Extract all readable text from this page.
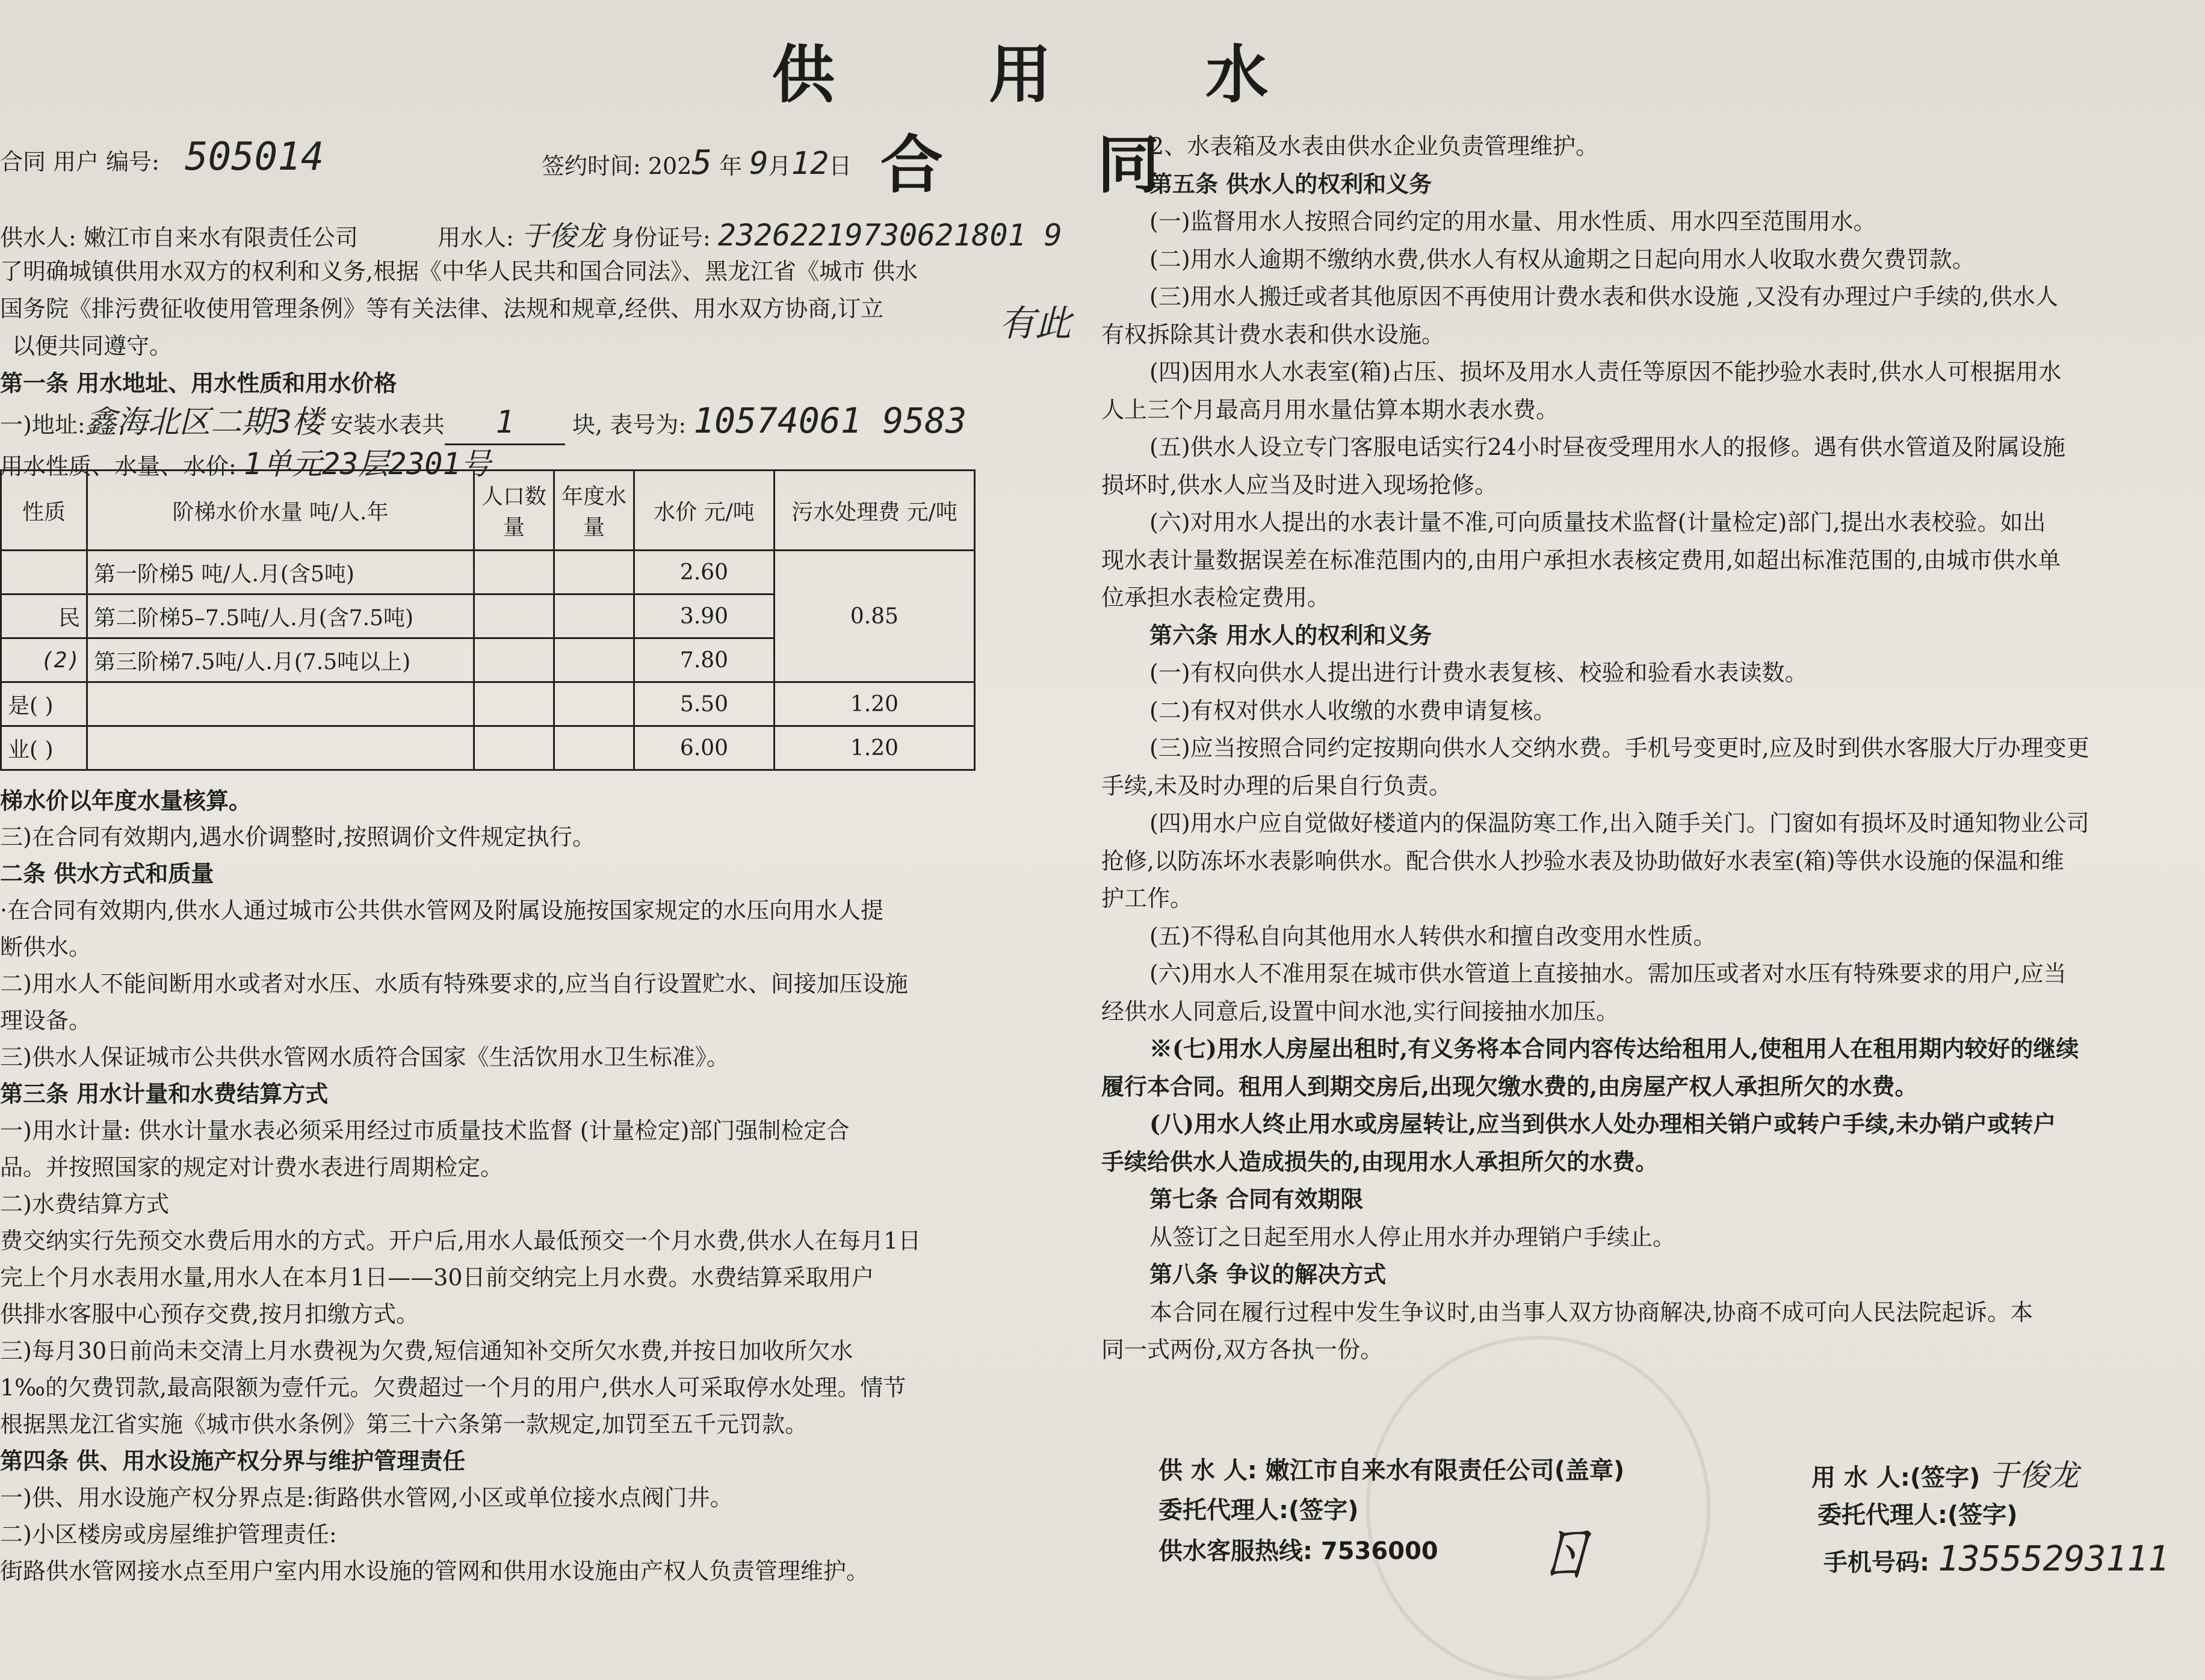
供 用 水 合 同
合同 用户 编号: 505014	签约时间: 2025 年 9月12日
供水人: 嫩江市自来水有限责任公司	用水人: 于俊龙 身份证号: 23262219730621801 9
有此

了明确城镇供用水双方的权利和义务,根据《中华人民共和国合同法》、黑龙江省《城市 供水

国务院《排污费征收使用管理条例》等有关法律、法规和规章,经供、用水双方协商,订立

以便共同遵守。

第一条 用水地址、用水性质和用水价格

一)地址:鑫海北区二期3楼 安装水表共 1	块, 表号为: 10574061 9583

用水性质、水量、水价: 1单元23层2301号

性质	阶梯水价水量 吨/人.年	人口数量	年度水量	水价 元/吨	污水处理费 元/吨
	第一阶梯5 吨/人.月(含5吨)			2.60	0.85
民	第二阶梯5–7.5吨/人.月(含7.5吨)			3.90	
(2)	第三阶梯7.5吨/人.月(7.5吨以上)			7.80	
是( )				5.50	1.20
业( )				6.00	1.20

梯水价以年度水量核算。

三)在合同有效期内,遇水价调整时,按照调价文件规定执行。

二条 供水方式和质量

·在合同有效期内,供水人通过城市公共供水管网及附属设施按国家规定的水压向用水人提

断供水。

二)用水人不能间断用水或者对水压、水质有特殊要求的,应当自行设置贮水、间接加压设施

理设备。

三)供水人保证城市公共供水管网水质符合国家《生活饮用水卫生标准》。

第三条 用水计量和水费结算方式

一)用水计量: 供水计量水表必须采用经过市质量技术监督 (计量检定)部门强制检定合

品。并按照国家的规定对计费水表进行周期检定。

二)水费结算方式

费交纳实行先预交水费后用水的方式。开户后,用水人最低预交一个月水费,供水人在每月1日

完上个月水表用水量,用水人在本月1日——30日前交纳完上月水费。水费结算采取用户

供排水客服中心预存交费,按月扣缴方式。

三)每月30日前尚未交清上月水费视为欠费,短信通知补交所欠水费,并按日加收所欠水

1‰的欠费罚款,最高限额为壹仟元。欠费超过一个月的用户,供水人可采取停水处理。情节

根据黑龙江省实施《城市供水条例》第三十六条第一款规定,加罚至五千元罚款。

第四条 供、用水设施产权分界与维护管理责任

一)供、用水设施产权分界点是:街路供水管网,小区或单位接水点阀门井。

二)小区楼房或房屋维护管理责任:

街路供水管网接水点至用户室内用水设施的管网和供用水设施由产权人负责管理维护。

2、水表箱及水表由供水企业负责管理维护。

第五条 供水人的权利和义务

(一)监督用水人按照合同约定的用水量、用水性质、用水四至范围用水。

(二)用水人逾期不缴纳水费,供水人有权从逾期之日起向用水人收取水费欠费罚款。

(三)用水人搬迁或者其他原因不再使用计费水表和供水设施 ,又没有办理过户手续的,供水人

有权拆除其计费水表和供水设施。

(四)因用水人水表室(箱)占压、损坏及用水人责任等原因不能抄验水表时,供水人可根据用水

人上三个月最高月用水量估算本期水表水费。

(五)供水人设立专门客服电话实行24小时昼夜受理用水人的报修。遇有供水管道及附属设施

损坏时,供水人应当及时进入现场抢修。

(六)对用水人提出的水表计量不准,可向质量技术监督(计量检定)部门,提出水表校验。如出

现水表计量数据误差在标准范围内的,由用户承担水表核定费用,如超出标准范围的,由城市供水单

位承担水表检定费用。

第六条 用水人的权利和义务

(一)有权向供水人提出进行计费水表复核、校验和验看水表读数。

(二)有权对供水人收缴的水费申请复核。

(三)应当按照合同约定按期向供水人交纳水费。手机号变更时,应及时到供水客服大厅办理变更

手续,未及时办理的后果自行负责。

(四)用水户应自觉做好楼道内的保温防寒工作,出入随手关门。门窗如有损坏及时通知物业公司

抢修,以防冻坏水表影响供水。配合供水人抄验水表及协助做好水表室(箱)等供水设施的保温和维

护工作。

(五)不得私自向其他用水人转供水和擅自改变用水性质。

(六)用水人不准用泵在城市供水管道上直接抽水。需加压或者对水压有特殊要求的用户,应当

经供水人同意后,设置中间水池,实行间接抽水加压。

※(七)用水人房屋出租时,有义务将本合同内容传达给租用人,使租用人在租用期内较好的继续

履行本合同。租用人到期交房后,出现欠缴水费的,由房屋产权人承担所欠的水费。

(八)用水人终止用水或房屋转让,应当到供水人处办理相关销户或转户手续,未办销户或转户

手续给供水人造成损失的,由现用水人承担所欠的水费。

第七条 合同有效期限

从签订之日起至用水人停止用水并办理销户手续止。

第八条 争议的解决方式

本合同在履行过程中发生争议时,由当事人双方协商解决,协商不成可向人民法院起诉。本

同一式两份,双方各执一份。

供 水 人: 嫩江市自来水有限责任公司(盖章)
委托代理人:(签字)
供水客服热线: 7536000 ㄖ
用 水 人:(签字) 于俊龙
委托代理人:(签字)
手机号码: 13555293111
